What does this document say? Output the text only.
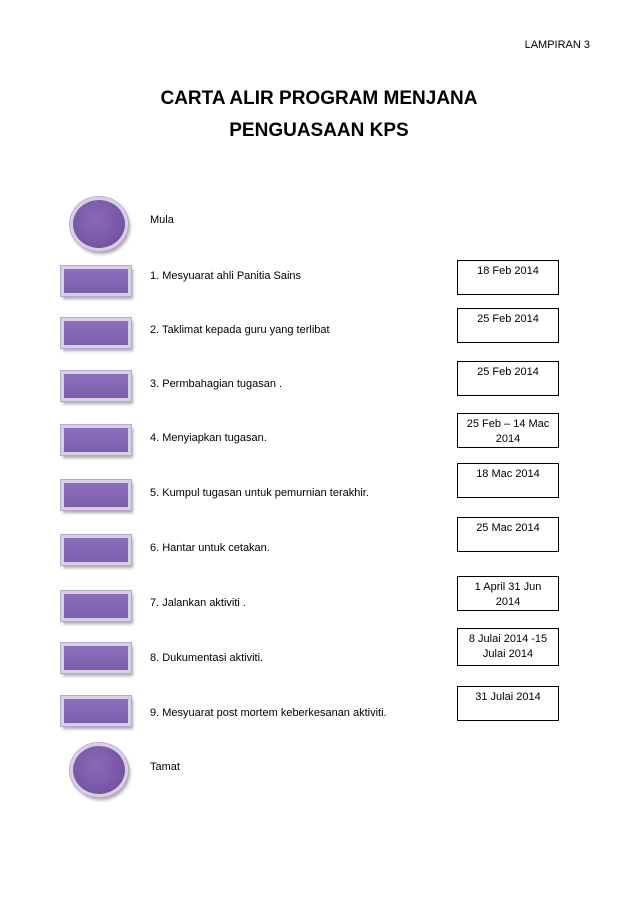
LAMPIRAN 3
CARTA ALIR PROGRAM MENJANA
PENGUASAAN KPS
Mula
1. Mesyuarat ahli Panitia Sains	18 Feb 2014
2. Taklimat kepada guru yang terlibat
25 Feb 2014
3. Permbahagian tugasan .
25 Feb 2014
4. Menyiapkan tugasan.
25 Feb – 14 Mac
2014
5. Kumpul tugasan untuk pemurnian terakhir.
18 Mac 2014
6. Hantar untuk cetakan.
25 Mac 2014
7. Jalankan aktiviti .
1 April 31 Jun
2014
8. Dukumentasi aktiviti.
8 Julai 2014 -15
Julai 2014
9. Mesyuarat post mortem keberkesanan aktiviti.
31 Julai 2014
Tamat
